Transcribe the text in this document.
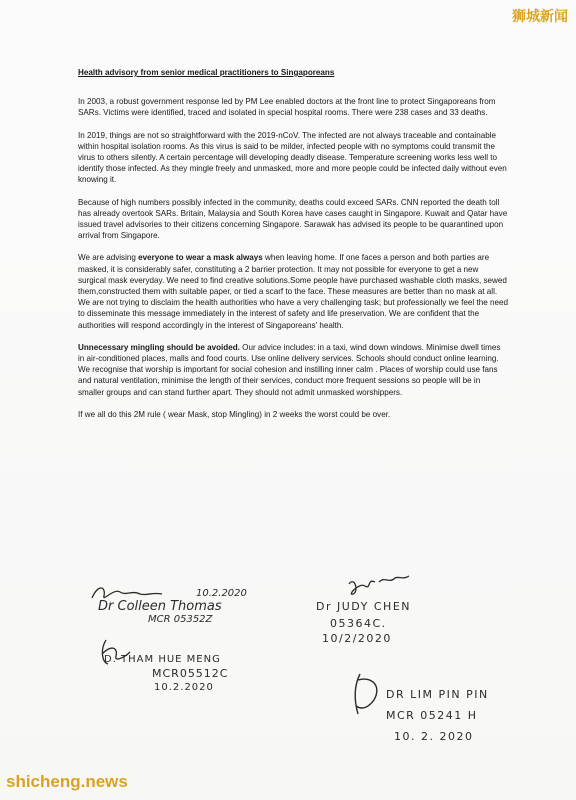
狮城新闻
Health advisory from senior medical practitioners to Singaporeans

In 2003, a robust government response led by PM Lee enabled doctors at the front line to protect Singaporeans from SARs. Victims were identified, traced and isolated in special hospital rooms. There were 238 cases and 33 deaths.

In 2019, things are not so straightforward with the 2019-nCoV. The infected are not always traceable and containable within hospital isolation rooms. As this virus is said to be milder, infected people with no symptoms could transmit the virus to others silently. A certain percentage will developing deadly disease. Temperature screening works less well to identify those infected. As they mingle freely and unmasked, more and more people could be infected daily without even knowing it.

Because of high numbers possibly infected in the community, deaths could exceed SARs. CNN reported the death toll has already overtook SARs. Britain, Malaysia and South Korea have cases caught in Singapore. Kuwait and Qatar have issued travel advisories to their citizens concerning Singapore. Sarawak has advised its people to be quarantined upon arrival from Singapore.

We are advising everyone to wear a mask always when leaving home. If one faces a person and both parties are masked, it is considerably safer, constituting a 2 barrier protection. It may not possible for everyone to get a new surgical mask everyday. We need to find creative solutions.Some people have purchased washable cloth masks, sewed them,constructed them with suitable paper, or tied a scarf to the face. These measures are better than no mask at all. We are not trying to disclaim the health authorities who have a very challenging task; but professionally we feel the need to disseminate this message immediately in the interest of safety and life preservation. We are confident that the authorities will respond accordingly in the interest of Singaporeans' health.

Unnecessary mingling should be avoided. Our advice includes: in a taxi, wind down windows. Minimise dwell times in air-conditioned places, malls and food courts. Use online delivery services. Schools should conduct online learning. We recognise that worship is important for social cohesion and instilling inner calm . Places of worship could use fans and natural ventilation, minimise the length of their services, conduct more frequent sessions so people will be in smaller groups and can stand further apart. They should not admit unmasked worshippers.

If we all do this 2M rule ( wear Mask, stop Mingling) in 2 weeks the worst could be over.

10.2.2020
Dr Colleen Thomas
MCR 05352Z
Dr JUDY CHEN
05364C.
10/2/2020
D. THAM HUE MENG
MCR05512C
10.2.2020
DR LIM PIN PIN
MCR 05241 H
10. 2. 2020
shicheng.news
